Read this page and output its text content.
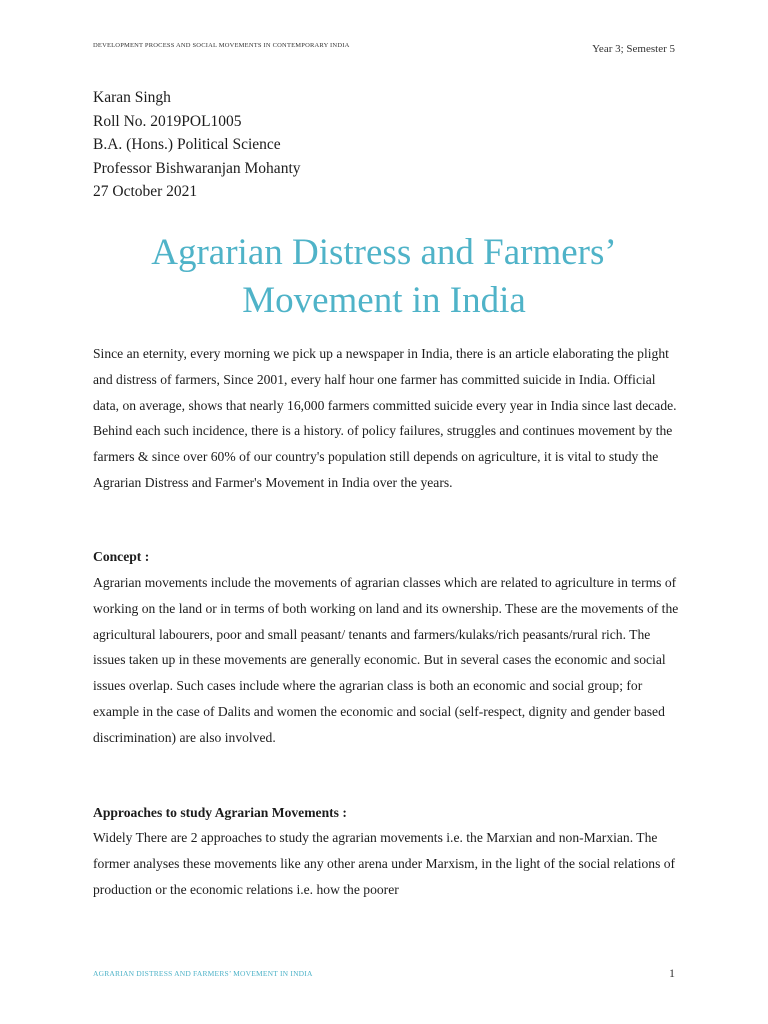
DEVELOPMENT PROCESS AND SOCIAL MOVEMENTS IN CONTEMPORARY INDIA	Year 3; Semester 5
Karan Singh
Roll No. 2019POL1005
B.A. (Hons.) Political Science
Professor Bishwaranjan Mohanty
27 October 2021
Agrarian Distress and Farmers’
Movement in India

Since an eternity, every morning we pick up a newspaper in India, there is an article elaborating the plight and distress of farmers, Since 2001, every half hour one farmer has committed suicide in India. Official data, on average, shows that nearly 16,000 farmers committed suicide every year in India since last decade. Behind each such incidence, there is a history. of policy failures, struggles and continues movement by the farmers & since over 60% of our country's population still depends on agriculture, it is vital to study the Agrarian Distress and Farmer's Movement in India over the years.

Concept :

Agrarian movements include the movements of agrarian classes which are related to agriculture in terms of working on the land or in terms of both working on land and its ownership. These are the movements of the agricultural labourers, poor and small peasant/ tenants and farmers/kulaks/rich peasants/rural rich. The issues taken up in these movements are generally economic. But in several cases the economic and social issues overlap. Such cases include where the agrarian class is both an economic and social group; for example in the case of Dalits and women the economic and social (self-respect, dignity and gender based discrimination) are also involved.

Approaches to study Agrarian Movements :

Widely There are 2 approaches to study the agrarian movements i.e. the Marxian and non-Marxian. The former analyses these movements like any other arena under Marxism, in the light of the social relations of production or the economic relations i.e. how the poorer

AGRARIAN DISTRESS AND FARMERS’ MOVEMENT IN INDIA	1
